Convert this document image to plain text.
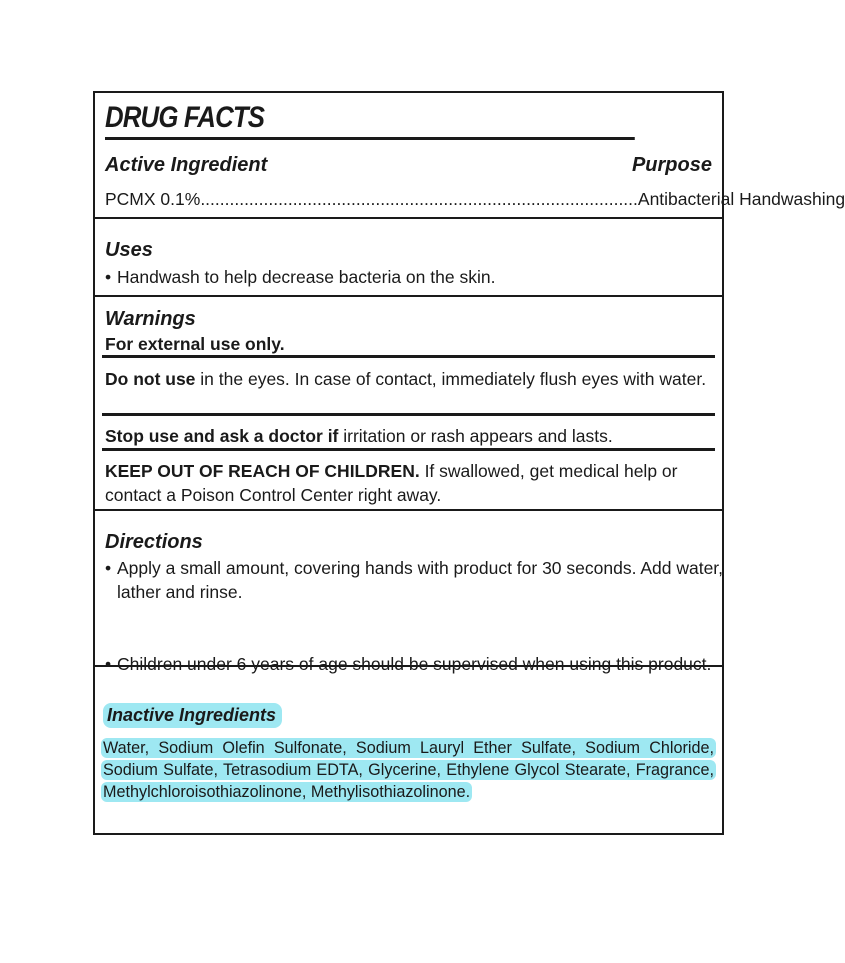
DRUG FACTS
Active Ingredient	Purpose
PCMX 0.1% .......................................................................................... Antibacterial Handwashing
Uses
• Handwash to help decrease bacteria on the skin.
Warnings
For external use only.
Do not use in the eyes. In case of contact, immediately flush eyes with water.
Stop use and ask a doctor if irritation or rash appears and lasts.
KEEP OUT OF REACH OF CHILDREN. If swallowed, get medical help or contact a Poison Control Center right away.
Directions
• Apply a small amount, covering hands with product for 30 seconds. Add water, lather and rinse.
• Children under 6 years of age should be supervised when using this product.
Inactive Ingredients
Water, Sodium Olefin Sulfonate, Sodium Lauryl Ether Sulfate, Sodium Chloride, Sodium Sulfate, Tetrasodium EDTA, Glycerine, Ethylene Glycol Stearate, Fragrance, Methylchloroisothiazolinone, Methylisothiazolinone.
